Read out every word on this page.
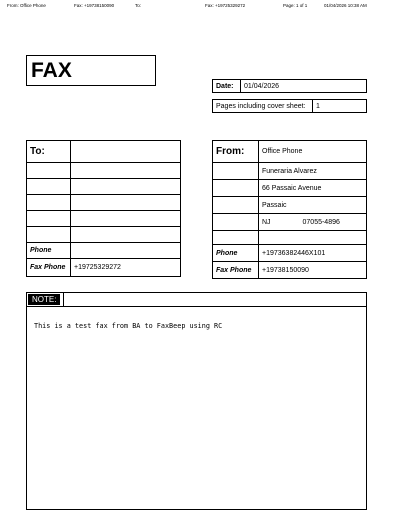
From: Office Phone	Fax: +19738150090	To:	Fax: +19725329272	Page: 1 of 1	01/04/2026 10:38 AM
FAX
Date:	01/04/2026
Pages including cover sheet:	1
To:	

Phone	
Fax Phone	+19725329272
From:	Office Phone
	Funeraria Alvarez
	66 Passaic Avenue
	Passaic
	NJ 07055-4896

Phone	+19736382446X101
Fax Phone	+19738150090
NOTE:
This is a test fax from BA to FaxBeep using RC
